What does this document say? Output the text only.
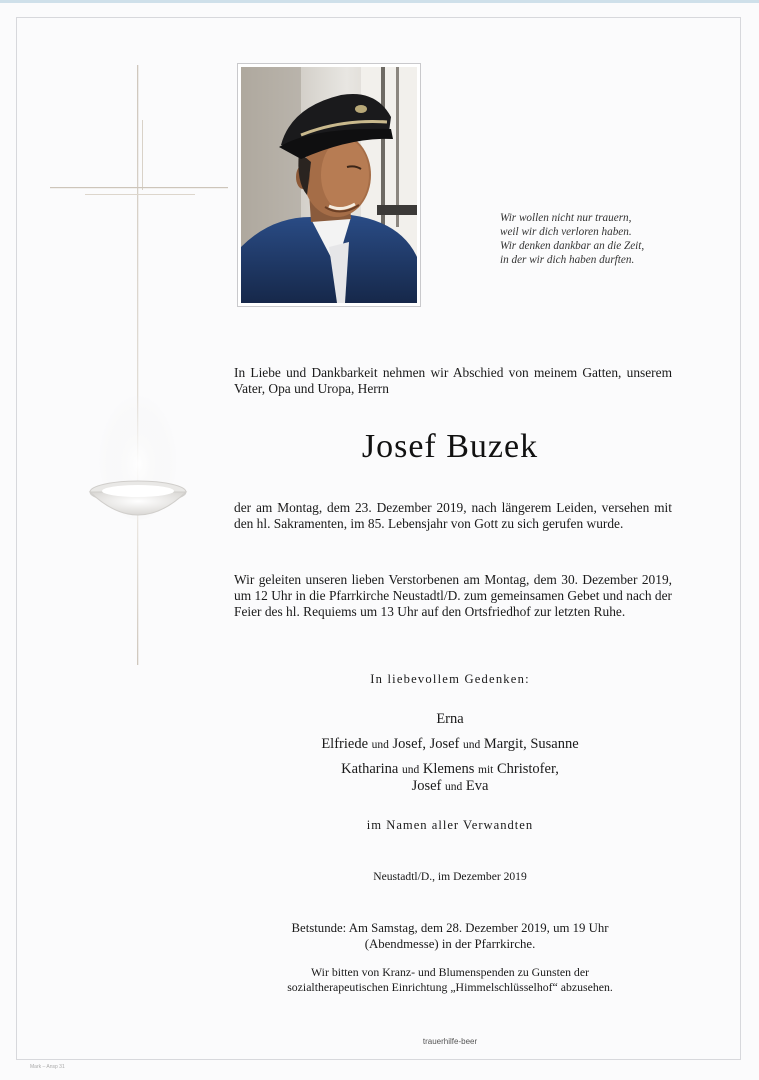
Wir wollen nicht nur trauern,
weil wir dich verloren haben.
Wir denken dankbar an die Zeit,
in der wir dich haben durften.
In Liebe und Dankbarkeit nehmen wir Abschied von meinem Gatten, unserem Vater, Opa und Uropa, Herrn
Josef Buzek
der am Montag, dem 23. Dezember 2019, nach längerem Leiden, versehen mit den hl. Sakramenten, im 85. Lebensjahr von Gott zu sich gerufen wurde.
Wir geleiten unseren lieben Verstorbenen am Montag, dem 30. Dezember 2019, um 12 Uhr in die Pfarrkirche Neustadtl/D. zum gemeinsamen Gebet und nach der Feier des hl. Requiems um 13 Uhr auf den Ortsfriedhof zur letzten Ruhe.
In liebevollem Gedenken:
Erna
Elfriede und Josef, Josef und Margit, Susanne
Katharina und Klemens mit Christofer,
Josef und Eva
im Namen aller Verwandten
Neustadtl/D., im Dezember 2019
Betstunde: Am Samstag, dem 28. Dezember 2019, um 19 Uhr
(Abendmesse) in der Pfarrkirche.
Wir bitten von Kranz- und Blumenspenden zu Gunsten der
sozialtherapeutischen Einrichtung „Himmelschlüsselhof“ abzusehen.
trauerhilfe-beer
Mark – Ansp 31
